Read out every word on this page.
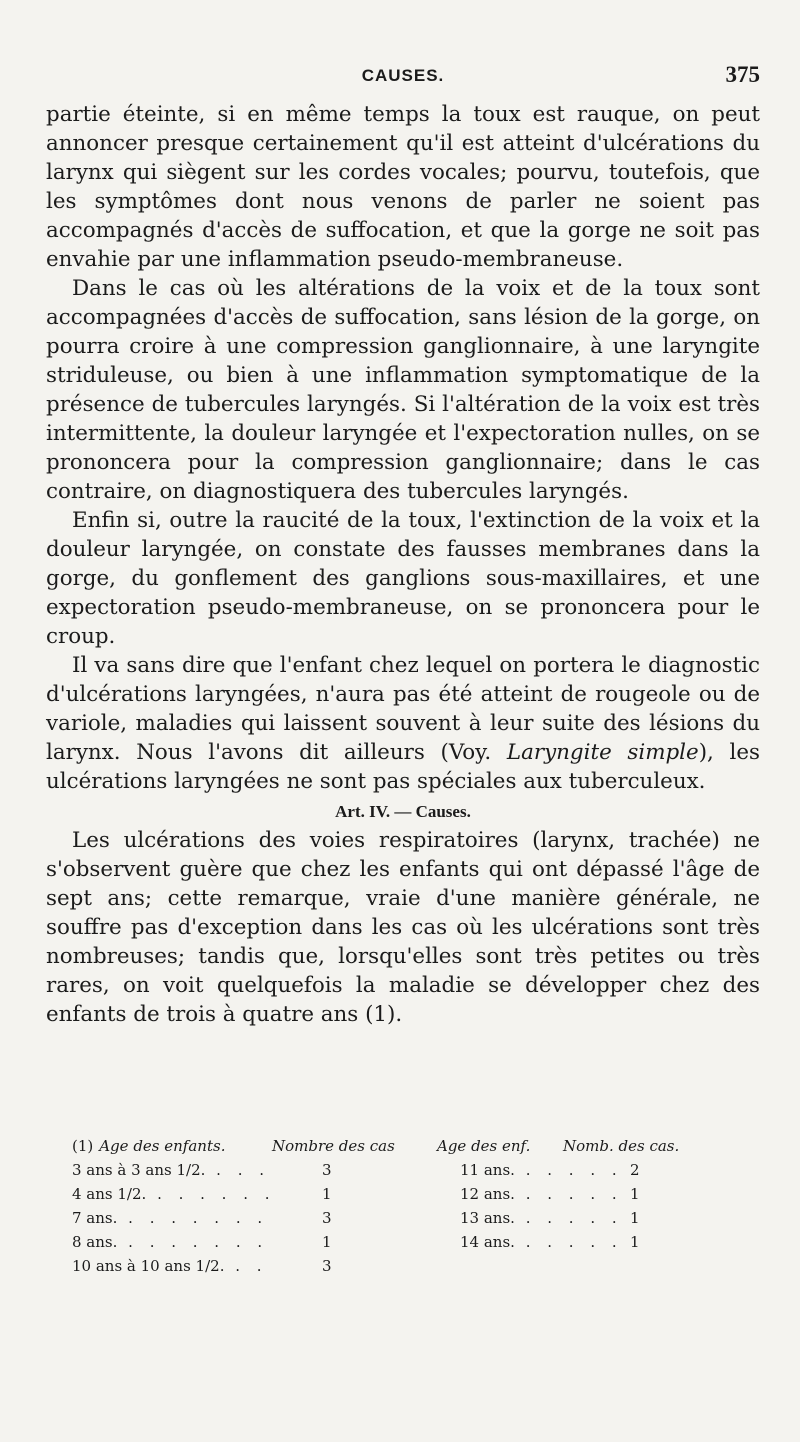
CAUSES.	375

partie éteinte, si en même temps la toux est rauque, on peut annoncer presque certainement qu'il est atteint d'ulcérations du larynx qui siègent sur les cordes vocales; pourvu, toutefois, que les symptômes dont nous venons de parler ne soient pas accompagnés d'accès de suffocation, et que la gorge ne soit pas envahie par une inflammation pseudo-membraneuse.

Dans le cas où les altérations de la voix et de la toux sont accompagnées d'accès de suffocation, sans lésion de la gorge, on pourra croire à une compression ganglionnaire, à une laryngite striduleuse, ou bien à une inflammation symptomatique de la présence de tubercules laryngés. Si l'altération de la voix est très intermittente, la douleur laryngée et l'expectoration nulles, on se prononcera pour la compression ganglionnaire; dans le cas contraire, on diagnostiquera des tubercules laryngés.

Enfin si, outre la raucité de la toux, l'extinction de la voix et la douleur laryngée, on constate des fausses membranes dans la gorge, du gonflement des ganglions sous-maxillaires, et une expectoration pseudo-membraneuse, on se prononcera pour le croup.

Il va sans dire que l'enfant chez lequel on portera le diagnostic d'ulcérations laryngées, n'aura pas été atteint de rougeole ou de variole, maladies qui laissent souvent à leur suite des lésions du larynx. Nous l'avons dit ailleurs (Voy. Laryngite simple), les ulcérations laryngées ne sont pas spéciales aux tuberculeux.

Art. IV. — Causes.

Les ulcérations des voies respiratoires (larynx, trachée) ne s'observent guère que chez les enfants qui ont dépassé l'âge de sept ans; cette remarque, vraie d'une manière générale, ne souffre pas d'exception dans les cas où les ulcérations sont très nombreuses; tandis que, lorsqu'elles sont très petites ou très rares, on voit quelquefois la maladie se développer chez des enfants de trois à quatre ans (1).

(1) Age des enfants.	Nombre des cas	Age des enf.	Nomb. des cas.
3 ans à 3 ans 1/2. . . .	3	11 ans. . . . . . 2
4 ans 1/2. . . . . . .	1	12 ans. . . . . . 1
7 ans. . . . . . . .	3	13 ans. . . . . . 1
8 ans. . . . . . . .	1	14 ans. . . . . . 1
10 ans à 10 ans 1/2. . .	3
